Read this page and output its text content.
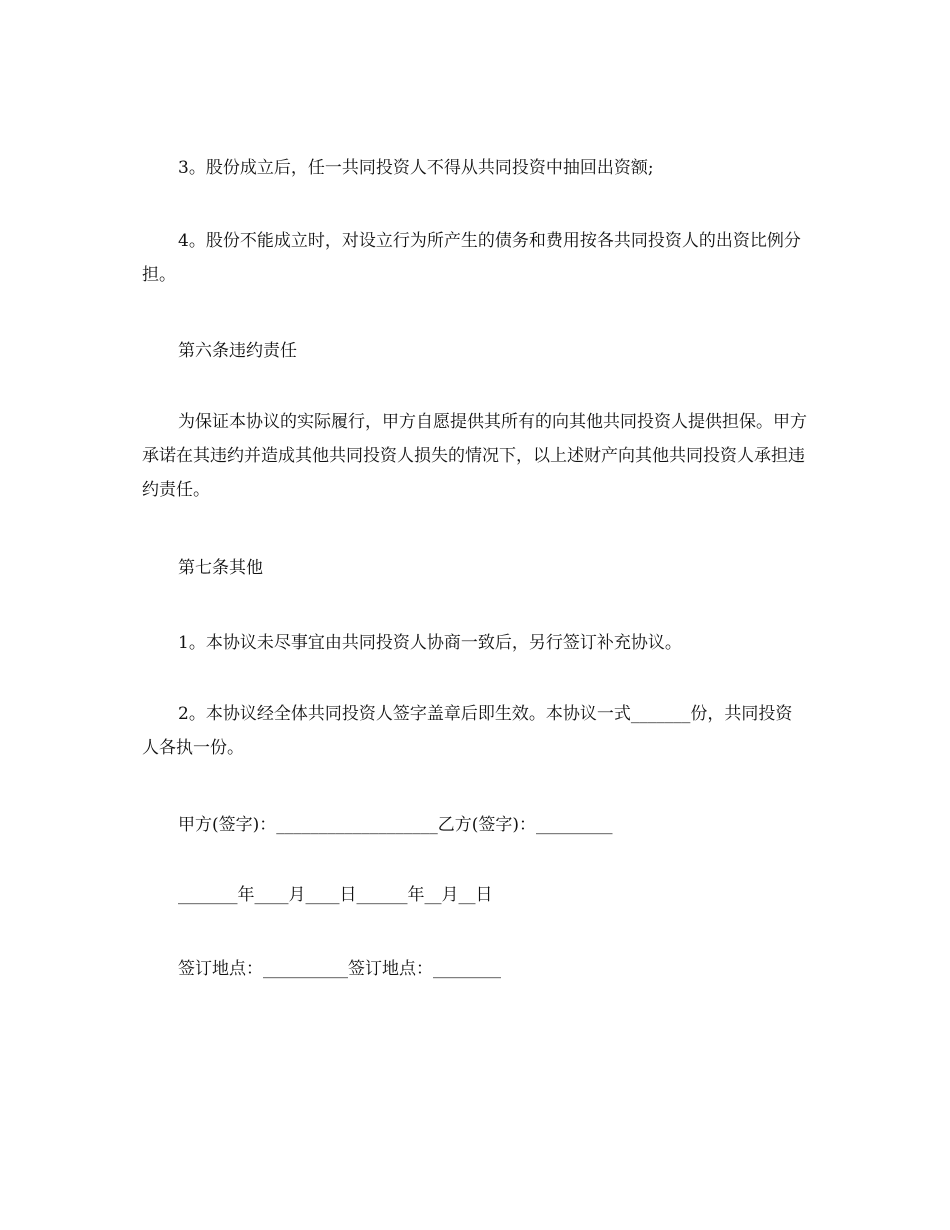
3。股份成立后，任一共同投资人不得从共同投资中抽回出资额;

4。股份不能成立时，对设立行为所产生的债务和费用按各共同投资人的出资比例分担。

第六条违约责任

为保证本协议的实际履行，甲方自愿提供其所有的向其他共同投资人提供担保。甲方承诺在其违约并造成其他共同投资人损失的情况下，以上述财产向其他共同投资人承担违约责任。

第七条其他

1。本协议未尽事宜由共同投资人协商一致后，另行签订补充协议。

2。本协议经全体共同投资人签字盖章后即生效。本协议一式_______份，共同投资人各执一份。

甲方(签字)：___________________乙方(签字)：_________

_______年____月____日______年__月__日

签订地点：__________签订地点：________
